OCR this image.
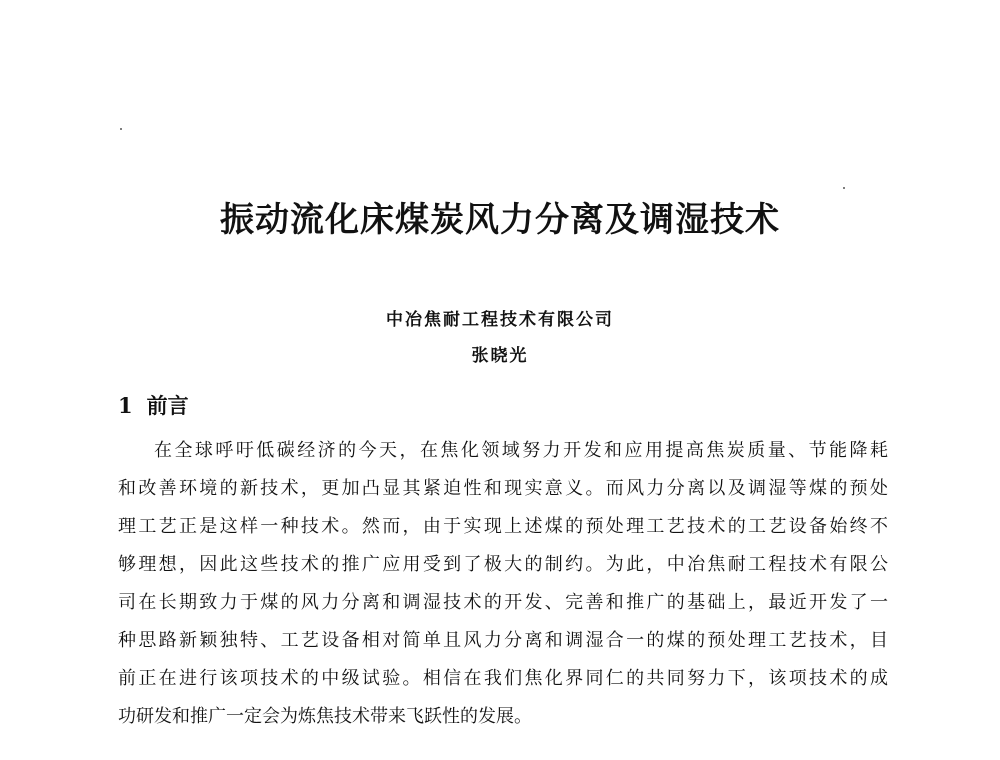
振动流化床煤炭风力分离及调湿技术
中冶焦耐工程技术有限公司
张晓光
1 前言
在全球呼吁低碳经济的今天，在焦化领域努力开发和应用提高焦炭质量、节能降耗
和改善环境的新技术，更加凸显其紧迫性和现实意义。而风力分离以及调湿等煤的预处
理工艺正是这样一种技术。然而，由于实现上述煤的预处理工艺技术的工艺设备始终不
够理想，因此这些技术的推广应用受到了极大的制约。为此，中冶焦耐工程技术有限公
司在长期致力于煤的风力分离和调湿技术的开发、完善和推广的基础上，最近开发了一
种思路新颖独特、工艺设备相对简单且风力分离和调湿合一的煤的预处理工艺技术，目
前正在进行该项技术的中级试验。相信在我们焦化界同仁的共同努力下，该项技术的成
功研发和推广一定会为炼焦技术带来飞跃性的发展。
